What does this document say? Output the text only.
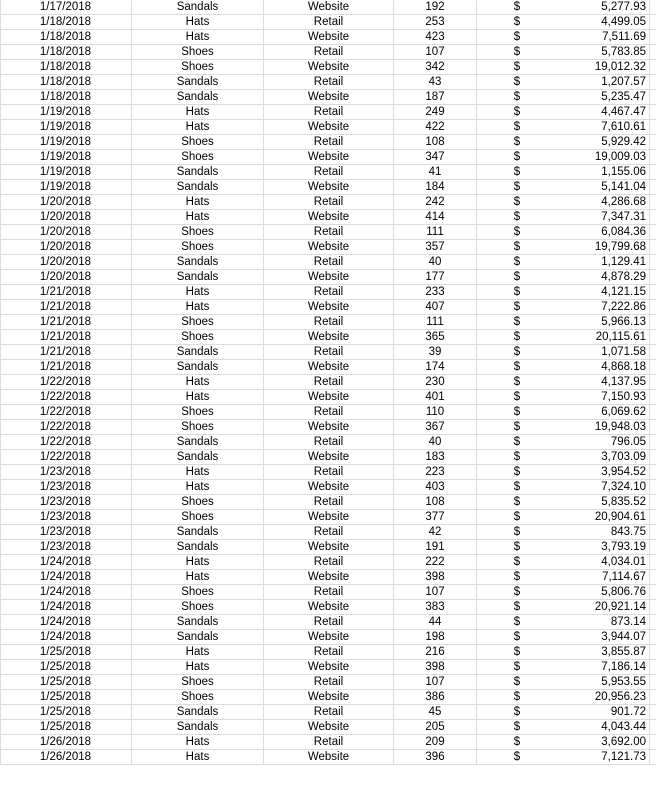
1/17/2018	Sandals	Website	192	$	5,277.93
1/18/2018	Hats	Retail	253	$	4,499.05
1/18/2018	Hats	Website	423	$	7,511.69
1/18/2018	Shoes	Retail	107	$	5,783.85
1/18/2018	Shoes	Website	342	$	19,012.32
1/18/2018	Sandals	Retail	43	$	1,207.57
1/18/2018	Sandals	Website	187	$	5,235.47
1/19/2018	Hats	Retail	249	$	4,467.47
1/19/2018	Hats	Website	422	$	7,610.61
1/19/2018	Shoes	Retail	108	$	5,929.42
1/19/2018	Shoes	Website	347	$	19,009.03
1/19/2018	Sandals	Retail	41	$	1,155.06
1/19/2018	Sandals	Website	184	$	5,141.04
1/20/2018	Hats	Retail	242	$	4,286.68
1/20/2018	Hats	Website	414	$	7,347.31
1/20/2018	Shoes	Retail	111	$	6,084.36
1/20/2018	Shoes	Website	357	$	19,799.68
1/20/2018	Sandals	Retail	40	$	1,129.41
1/20/2018	Sandals	Website	177	$	4,878.29
1/21/2018	Hats	Retail	233	$	4,121.15
1/21/2018	Hats	Website	407	$	7,222.86
1/21/2018	Shoes	Retail	111	$	5,966.13
1/21/2018	Shoes	Website	365	$	20,115.61
1/21/2018	Sandals	Retail	39	$	1,071.58
1/21/2018	Sandals	Website	174	$	4,868.18
1/22/2018	Hats	Retail	230	$	4,137.95
1/22/2018	Hats	Website	401	$	7,150.93
1/22/2018	Shoes	Retail	110	$	6,069.62
1/22/2018	Shoes	Website	367	$	19,948.03
1/22/2018	Sandals	Retail	40	$	796.05
1/22/2018	Sandals	Website	183	$	3,703.09
1/23/2018	Hats	Retail	223	$	3,954.52
1/23/2018	Hats	Website	403	$	7,324.10
1/23/2018	Shoes	Retail	108	$	5,835.52
1/23/2018	Shoes	Website	377	$	20,904.61
1/23/2018	Sandals	Retail	42	$	843.75
1/23/2018	Sandals	Website	191	$	3,793.19
1/24/2018	Hats	Retail	222	$	4,034.01
1/24/2018	Hats	Website	398	$	7,114.67
1/24/2018	Shoes	Retail	107	$	5,806.76
1/24/2018	Shoes	Website	383	$	20,921.14
1/24/2018	Sandals	Retail	44	$	873.14
1/24/2018	Sandals	Website	198	$	3,944.07
1/25/2018	Hats	Retail	216	$	3,855.87
1/25/2018	Hats	Website	398	$	7,186.14
1/25/2018	Shoes	Retail	107	$	5,953.55
1/25/2018	Shoes	Website	386	$	20,956.23
1/25/2018	Sandals	Retail	45	$	901.72
1/25/2018	Sandals	Website	205	$	4,043.44
1/26/2018	Hats	Retail	209	$	3,692.00
1/26/2018	Hats	Website	396	$	7,121.73
